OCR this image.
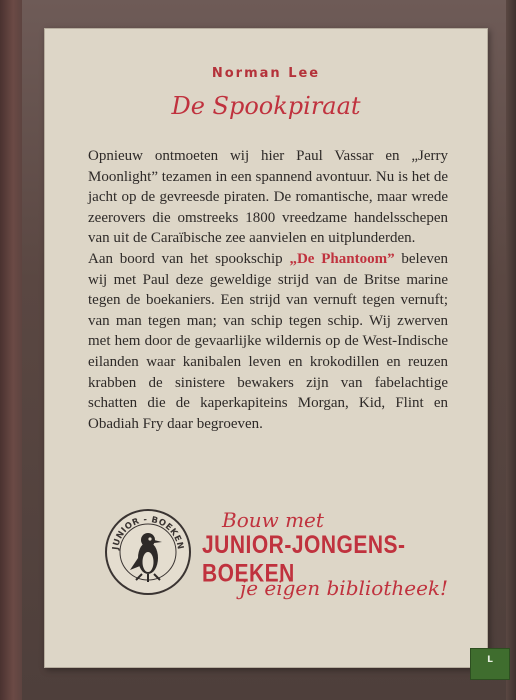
Norman Lee
De Spookpiraat

Opnieuw ontmoeten wij hier Paul Vassar en „Jerry Moonlight” tezamen in een spannend avontuur. Nu is het de jacht op de gevreesde piraten. De romantische, maar wrede zeerovers die omstreeks 1800 vreedzame handelsschepen van uit de Caraïbische zee aanvielen en uitplunderden.

Aan boord van het spookschip „De Phantoom” beleven wij met Paul deze geweldige strijd van de Britse marine tegen de boekaniers. Een strijd van vernuft tegen vernuft; van man tegen man; van schip tegen schip. Wij zwerven met hem door de gevaarlijke wildernis op de West-Indische eilanden waar kanibalen leven en krokodillen en reuzen krabben de sinistere bewakers zijn van fabelachtige schatten die de kaperkapiteins Morgan, Kid, Flint en Obadiah Fry daar begroeven.

JUNIOR - BOEKEN
Bouw met
JUNIOR-JONGENS-BOEKEN
je eigen bibliotheek!
L
